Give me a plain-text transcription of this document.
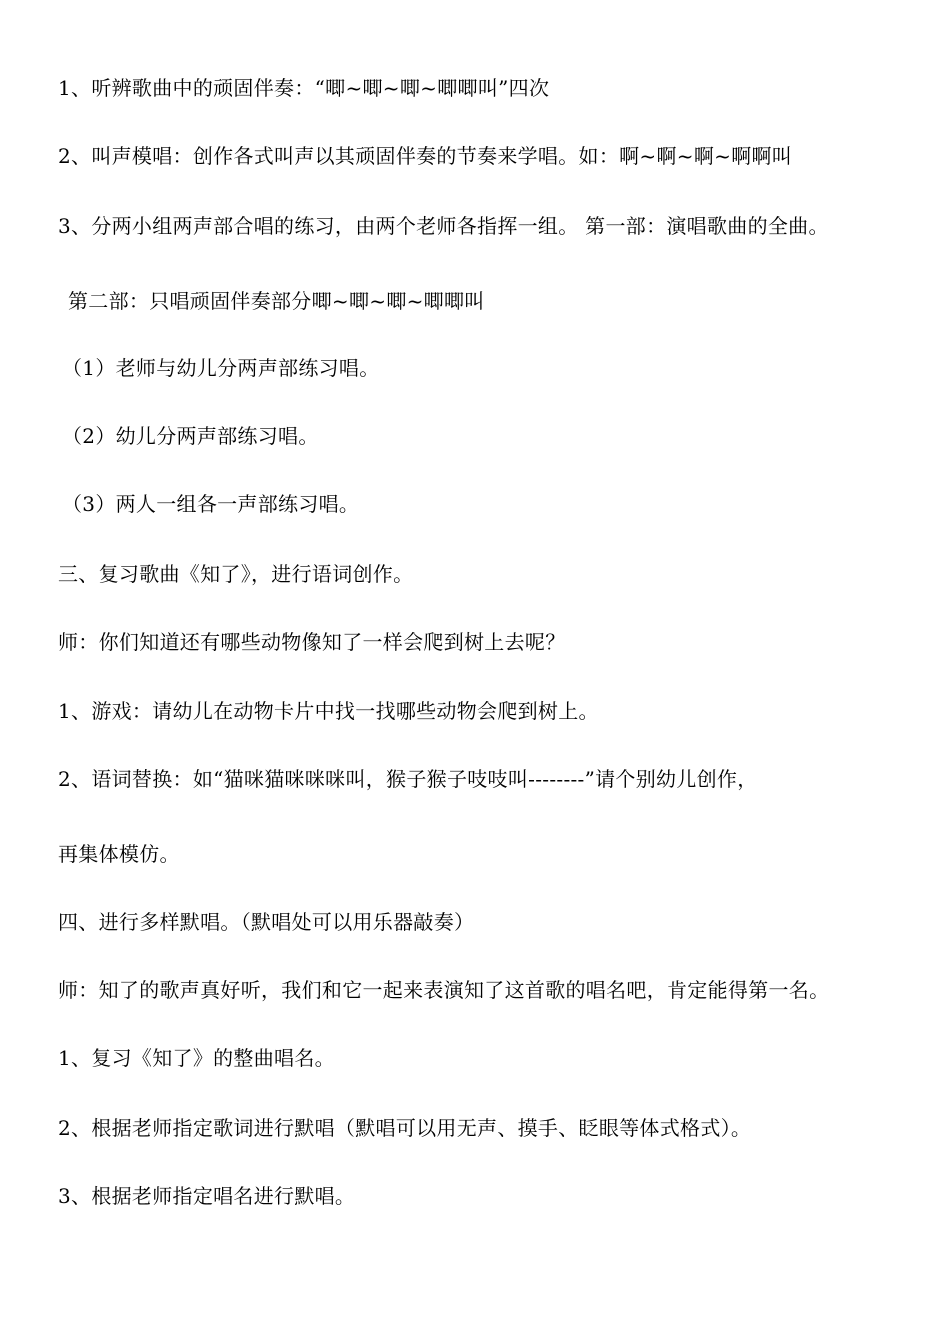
1、听辨歌曲中的顽固伴奏：“唧~唧~唧~唧唧叫”四次
2、叫声模唱：创作各式叫声以其顽固伴奏的节奏来学唱。如：啊~啊~啊~啊啊叫
3、分两小组两声部合唱的练习，由两个老师各指挥一组。 第一部：演唱歌曲的全曲。
第二部：只唱顽固伴奏部分唧~唧~唧~唧唧叫
（1）老师与幼儿分两声部练习唱。
（2）幼儿分两声部练习唱。
（3）两人一组各一声部练习唱。
三、复习歌曲《知了》，进行语词创作。
师：你们知道还有哪些动物像知了一样会爬到树上去呢？
1、游戏：请幼儿在动物卡片中找一找哪些动物会爬到树上。
2、语词替换：如“猫咪猫咪咪咪叫，猴子猴子吱吱叫--------”请个别幼儿创作，
再集体模仿。
四、进行多样默唱。（默唱处可以用乐器敲奏）
师：知了的歌声真好听，我们和它一起来表演知了这首歌的唱名吧，肯定能得第一名。
1、复习《知了》的整曲唱名。
2、根据老师指定歌词进行默唱（默唱可以用无声、摸手、眨眼等体式格式）。
3、根据老师指定唱名进行默唱。
